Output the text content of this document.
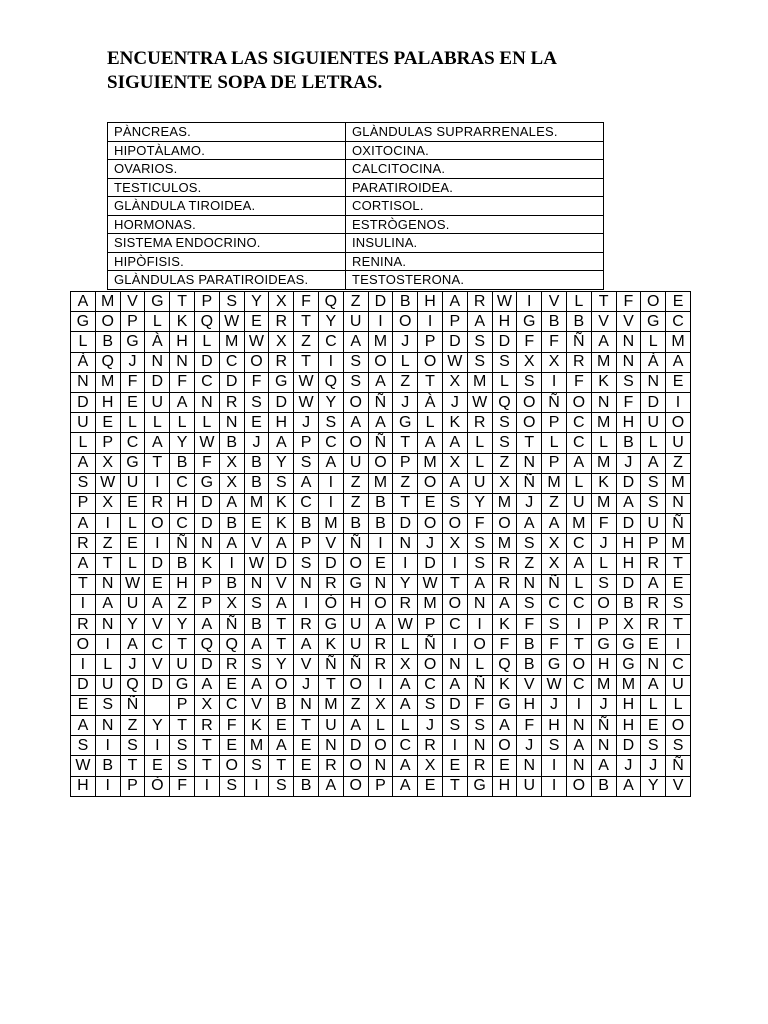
ENCUENTRA LAS SIGUIENTES PALABRAS EN LA
SIGUIENTE SOPA DE LETRAS.
PÀNCREAS.	GLÀNDULAS SUPRARRENALES.
HIPOTÀLAMO.	OXITOCINA.
OVARIOS.	CALCITOCINA.
TESTICULOS.	PARATIROIDEA.
GLÀNDULA TIROIDEA.	CORTISOL.
HORMONAS.	ESTRÒGENOS.
SISTEMA ENDOCRINO.	INSULINA.
HIPÒFISIS.	RENINA.
GLÀNDULAS PARATIROIDEAS.	TESTOSTERONA.
A	M	V	G	T	P	S	Y	X	F	Q	Z	D	B	H	A	R	W	I	V	L	T	F	O	E
G	O	P	L	K	Q	W	E	R	T	Y	U	I	O	I	P	A	H	G	B	B	V	V	G	C
L	B	G	À	H	L	M	W	X	Z	C	A	M	J	P	D	S	D	F	F	Ñ	A	N	L	M
À	Q	J	N	N	D	C	O	R	T	I	S	O	L	O	W	S	S	X	X	R	M	N	À	A
N	M	F	D	F	C	D	F	G	W	Q	S	A	Z	T	X	M	L	S	I	F	K	S	N	E
D	H	E	U	A	N	R	S	D	W	Y	O	Ñ	J	À	J	W	Q	O	Ñ	O	N	F	D	I
U	E	L	L	L	L	N	E	H	J	S	A	A	G	L	K	R	S	O	P	C	M	H	U	O
L	P	C	A	Y	W	B	J	A	P	C	O	Ñ	T	A	A	L	S	T	L	C	L	B	L	U
A	X	G	T	B	F	X	B	Y	S	A	U	O	P	M	X	L	Z	N	P	A	M	J	A	Z
S	W	U	I	C	G	X	B	S	A	I	Z	M	Z	O	A	U	X	Ñ	M	L	K	D	S	M
P	X	E	R	H	D	A	M	K	C	I	Z	B	T	E	S	Y	M	J	Z	U	M	A	S	N
A	I	L	O	C	D	B	E	K	B	M	B	B	D	O	O	F	O	A	A	M	F	D	U	Ñ
R	Z	E	I	Ñ	N	A	V	A	P	V	Ñ	I	N	J	X	S	M	S	X	C	J	H	P	M
A	T	L	D	B	K	I	W	D	S	D	O	E	I	D	I	S	R	Z	X	A	L	H	R	T
T	N	W	E	H	P	B	N	V	N	R	G	N	Y	W	T	A	R	N	Ñ	L	S	D	A	E
I	A	U	A	Z	P	X	S	A	I	Ò	H	O	R	M	O	N	A	S	C	C	O	B	R	S
R	N	Y	V	Y	A	Ñ	B	T	R	G	U	A	W	P	C	I	K	F	S	I	P	X	R	T
O	I	A	C	T	Q	Q	A	T	A	K	U	R	L	Ñ	I	O	F	B	F	T	G	G	E	I
I	L	J	V	U	D	R	S	Y	V	Ñ	Ñ	R	X	O	N	L	Q	B	G	O	H	G	N	C
D	U	Q	D	G	A	E	A	O	J	T	O	I	A	C	A	Ñ	K	V	W	C	M	M	A	U
E	S	Ñ		P	X	C	V	B	N	M	Z	X	A	S	D	F	G	H	J	I	J	H	L	L
A	N	Z	Y	T	R	F	K	E	T	U	A	L	L	J	S	S	A	F	H	N	Ñ	H	E	O
S	I	S	I	S	T	E	M	A	E	N	D	O	C	R	I	N	O	J	S	A	N	D	S	S
W	B	T	E	S	T	O	S	T	E	R	O	N	A	X	E	R	E	N	I	N	A	J	J	Ñ
H	I	P	Ò	F	I	S	I	S	B	A	O	P	A	E	T	G	H	U	I	O	B	A	Y	V
